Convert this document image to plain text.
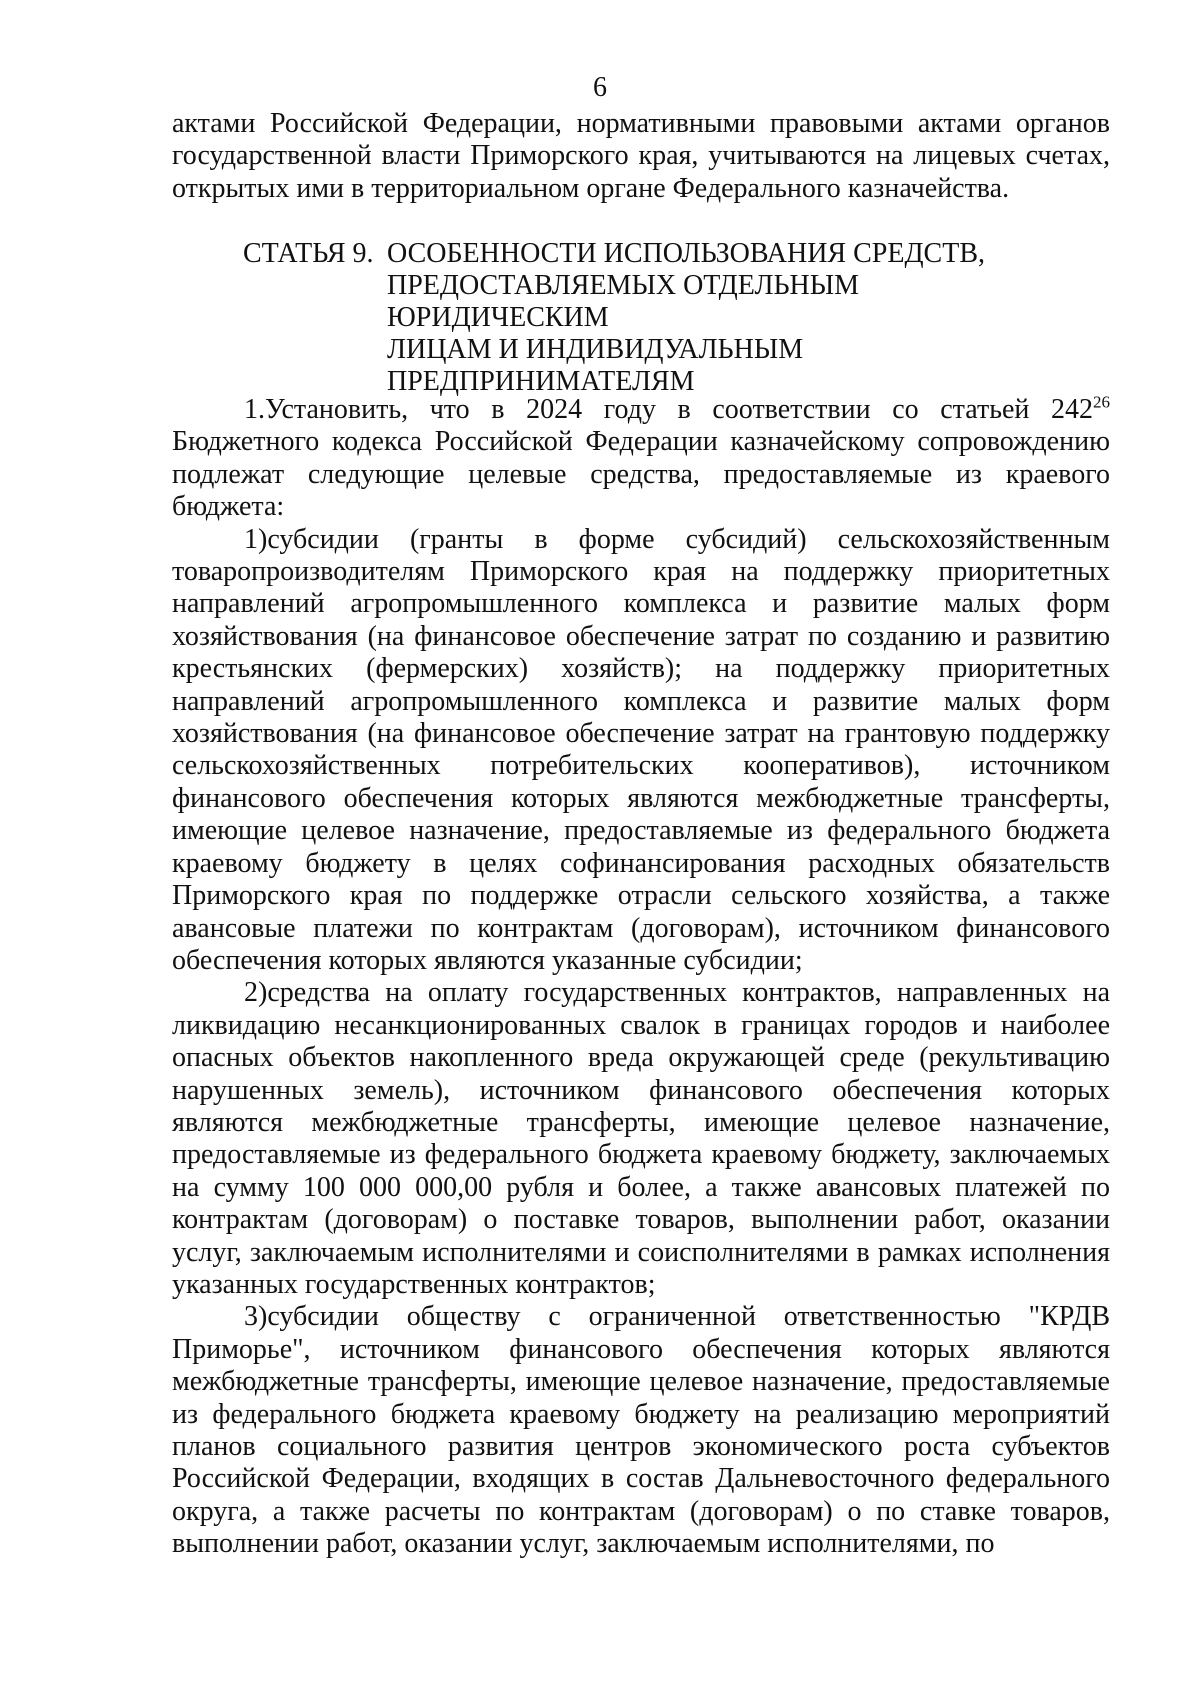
6

актами Российской Федерации, нормативными правовыми актами органов государственной власти Приморского края, учитываются на лицевых счетах, открытых ими в территориальном органе Федерального казначейства.

СТАТЬЯ 9. ОСОБЕННОСТИ ИСПОЛЬЗОВАНИЯ СРЕДСТВ,
ПРЕДОСТАВЛЯЕМЫХ ОТДЕЛЬНЫМ ЮРИДИЧЕСКИМ
ЛИЦАМ И ИНДИВИДУАЛЬНЫМ
ПРЕДПРИНИМАТЕЛЯМ

1.Установить, что в 2024 году в соответствии со статьей $242^{26}$ Бюджетного кодекса Российской Федерации казначейскому сопровождению подлежат следующие целевые средства, предоставляемые из краевого бюджета:

1)субсидии (гранты в форме субсидий) сельскохозяйственным товаропроизводителям Приморского края на поддержку приоритетных направлений агропромышленного комплекса и развитие малых форм хозяйствования (на финансовое обеспечение затрат по созданию и развитию крестьянских (фермерских) хозяйств); на поддержку приоритетных направлений агропромышленного комплекса и развитие малых форм хозяйствования (на финансовое обеспечение затрат на грантовую поддержку сельскохозяйственных потребительских кооперативов), источником финансового обеспечения которых являются межбюджетные трансферты, имеющие целевое назначение, предоставляемые из федерального бюджета краевому бюджету в целях софинансирования расходных обязательств Приморского края по поддержке отрасли сельского хозяйства, а также авансовые платежи по контрактам (договорам), источником финансового обеспечения которых являются указанные субсидии;

2)средства на оплату государственных контрактов, направленных на ликвидацию несанкционированных свалок в границах городов и наиболее опасных объектов накопленного вреда окружающей среде (рекультивацию нарушенных земель), источником финансового обеспечения которых являются межбюджетные трансферты, имеющие целевое назначение, предоставляемые из федерального бюджета краевому бюджету, заключаемых на сумму 100 000 000,00 рубля и более, а также авансовых платежей по контрактам (договорам) о поставке товаров, выполнении работ, оказании услуг, заключаемым исполнителями и соисполнителями в рамках исполнения указанных государственных контрактов;

3)субсидии обществу с ограниченной ответственностью "КРДВ Приморье", источником финансового обеспечения которых являются межбюджетные трансферты, имеющие целевое назначение, предоставляемые из федерального бюджета краевому бюджету на реализацию мероприятий планов социального развития центров экономического роста субъектов Российской Федерации, входящих в состав Дальневосточного федерального округа, а также расчеты по контрактам (договорам) о по ставке товаров, выполнении работ, оказании услуг, заключаемым исполнителями, по
